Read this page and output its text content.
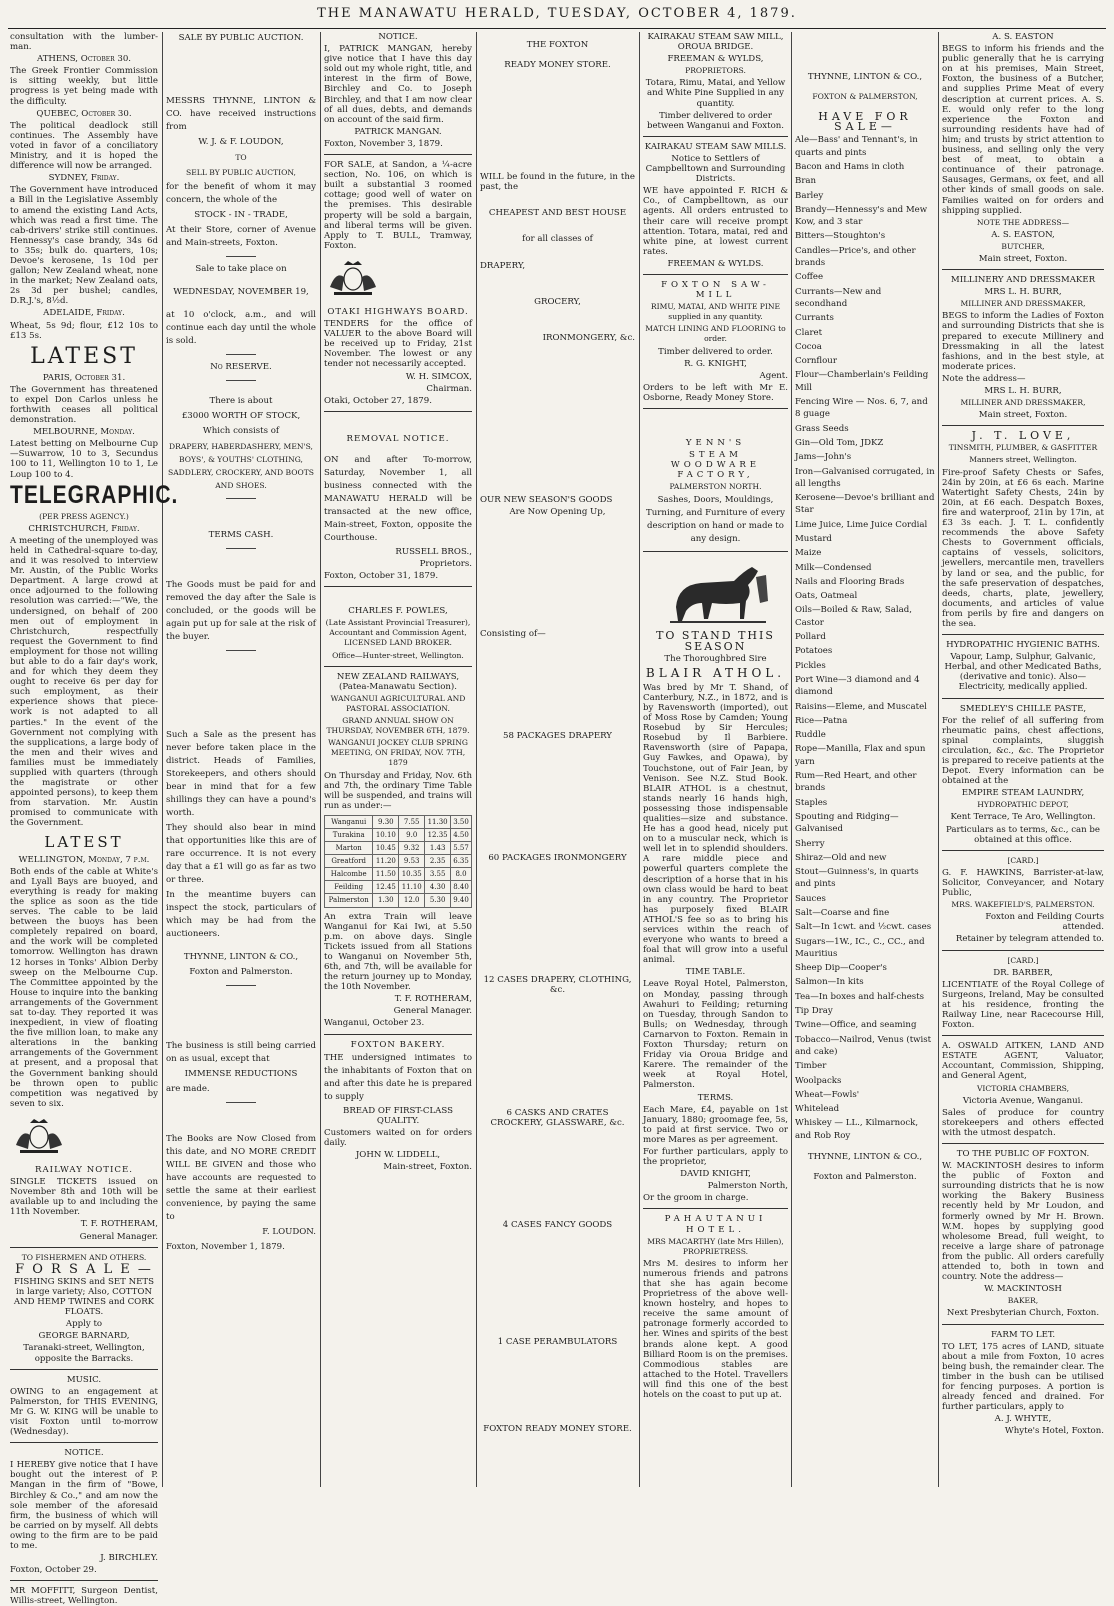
THE MANAWATU HERALD, TUESDAY, OCTOBER 4, 1879.

consultation with the lumber-man.

ATHENS, October 30.

The Greek Frontier Commission is sitting weekly, but little progress is yet being made with the difficulty.

QUEBEC, October 30.

The political deadlock still continues. The Assembly have voted in favor of a conciliatory Ministry, and it is hoped the difference will now be arranged.

SYDNEY, Friday.

The Government have introduced a Bill in the Legislative Assembly to amend the existing Land Acts, which was read a first time. The cab-drivers' strike still continues. Hennessy's case brandy, 34s 6d to 35s; bulk do. quarters, 10s; Devoe's kerosene, 1s 10d per gallon; New Zealand wheat, none in the market; New Zealand oats, 2s 3d per bushel; candles, D.R.J.'s, 8½d.

ADELAIDE, Friday.

Wheat, 5s 9d; flour, £12 10s to £13 5s.

LATEST

PARIS, October 31.

The Government has threatened to expel Don Carlos unless he forthwith ceases all political demonstration.

MELBOURNE, Monday.

Latest betting on Melbourne Cup—Suwarrow, 10 to 3, Secundus 100 to 11, Wellington 10 to 1, Le Loup 100 to 4.

TELEGRAPHIC.

(PER PRESS AGENCY.)

CHRISTCHURCH, Friday.

A meeting of the unemployed was held in Cathedral-square to-day, and it was resolved to interview Mr. Austin, of the Public Works Department. A large crowd at once adjourned to the following resolution was carried:—"We, the undersigned, on behalf of 200 men out of employment in Christchurch, respectfully request the Government to find employment for those not willing but able to do a fair day's work, and for which they deem they ought to receive 6s per day for such employment, as their experience shows that piece-work is not adapted to all parties." In the event of the Government not complying with the supplications, a large body of the men and their wives and families must be immediately supplied with quarters (through the magistrate or other appointed persons), to keep them from starvation. Mr. Austin promised to communicate with the Government.

LATEST

WELLINGTON, Monday, 7 p.m.

Both ends of the cable at White's and Lyall Bays are buoyed, and everything is ready for making the splice as soon as the tide serves. The cable to be laid between the buoys has been completely repaired on board, and the work will be completed tomorrow. Wellington has drawn 12 horses in Tonks' Albion Derby sweep on the Melbourne Cup. The Committee appointed by the House to inquire into the banking arrangements of the Government sat to-day. They reported it was inexpedient, in view of floating the five million loan, to make any alterations in the banking arrangements of the Government at present, and a proposal that the Government banking should be thrown open to public competition was negatived by seven to six.

RAILWAY NOTICE.

SINGLE TICKETS issued on November 8th and 10th will be available up to and including the 11th November.

T. F. ROTHERAM,

General Manager.

TO FISHERMEN AND OTHERS.

F O R S A L E —

FISHING SKINS and SET NETS in large variety; Also, COTTON AND HEMP TWINES and CORK FLOATS.

Apply to

GEORGE BARNARD,

Taranaki-street, Wellington, opposite the Barracks.

MUSIC.

OWING to an engagement at Palmerston, for THIS EVENING, Mr G. W. KING will be unable to visit Foxton until to-morrow (Wednesday).

NOTICE.

I HEREBY give notice that I have bought out the interest of P. Mangan in the firm of "Bowe, Birchley & Co.," and am now the sole member of the aforesaid firm, the business of which will be carried on by myself. All debts owing to the firm are to be paid to me.

J. BIRCHLEY.

Foxton, October 29.

MR MOFFITT, Surgeon Dentist, Willis-street, Wellington.

SALE BY PUBLIC AUCTION.

MESSRS THYNNE, LINTON & CO. have received instructions from

W. J. & F. LOUDON,

TO

SELL BY PUBLIC AUCTION,

for the benefit of whom it may concern, the whole of the

STOCK - IN - TRADE,

At their Store, corner of Avenue and Main-streets, Foxton.

Sale to take place on

WEDNESDAY, NOVEMBER 19,

at 10 o'clock, a.m., and will continue each day until the whole is sold.

No RESERVE.

There is about

£3000 WORTH OF STOCK,

Which consists of

DRAPERY, HABERDASHERY, MEN'S, BOYS', & YOUTHS' CLOTHING, SADDLERY, CROCKERY, AND BOOTS AND SHOES.

TERMS CASH.

The Goods must be paid for and removed the day after the Sale is concluded, or the goods will be again put up for sale at the risk of the buyer.

Such a Sale as the present has never before taken place in the district. Heads of Families, Storekeepers, and others should bear in mind that for a few shillings they can have a pound's worth.

They should also bear in mind that opportunities like this are of rare occurrence. It is not every day that a £1 will go as far as two or three.

In the meantime buyers can inspect the stock, particulars of which may be had from the auctioneers.

THYNNE, LINTON & CO.,

Foxton and Palmerston.

The business is still being carried on as usual, except that

IMMENSE REDUCTIONS

are made.

The Books are Now Closed from this date, and NO MORE CREDIT WILL BE GIVEN and those who have accounts are requested to settle the same at their earliest convenience, by paying the same to

F. LOUDON.

Foxton, November 1, 1879.

NOTICE.

I, PATRICK MANGAN, hereby give notice that I have this day sold out my whole right, title, and interest in the firm of Bowe, Birchley and Co. to Joseph Birchley, and that I am now clear of all dues, debts, and demands on account of the said firm.

PATRICK MANGAN.

Foxton, November 3, 1879.

FOR SALE, at Sandon, a ¼-acre section, No. 106, on which is built a substantial 3 roomed cottage; good well of water on the premises. This desirable property will be sold a bargain, and liberal terms will be given. Apply to T. BULL, Tramway, Foxton.

OTAKI HIGHWAYS BOARD.

TENDERS for the office of VALUER to the above Board will be received up to Friday, 21st November. The lowest or any tender not necessarily accepted.

W. H. SIMCOX,

Chairman.

Otaki, October 27, 1879.

REMOVAL NOTICE.

ON and after To-morrow, Saturday, November 1, all business connected with the MANAWATU HERALD will be transacted at the new office, Main-street, Foxton, opposite the Courthouse.

RUSSELL BROS.,

Proprietors.

Foxton, October 31, 1879.

CHARLES F. POWLES,

(Late Assistant Provincial Treasurer), Accountant and Commission Agent, LICENSED LAND BROKER.

Office—Hunter-street, Wellington.

NEW ZEALAND RAILWAYS, (Patea-Manawatu Section).

WANGANUI AGRICULTURAL AND PASTORAL ASSOCIATION.

GRAND ANNUAL SHOW ON THURSDAY, NOVEMBER 6TH, 1879.

WANGANUI JOCKEY CLUB SPRING MEETING, ON FRIDAY, NOV. 7TH, 1879

On Thursday and Friday, Nov. 6th and 7th, the ordinary Time Table will be suspended, and trains will run as under:—

Wanganui	9.30	7.55	11.30	3.50
Turakina	10.10	9.0	12.35	4.50
Marton	10.45	9.32	1.43	5.57
Greatford	11.20	9.53	2.35	6.35
Halcombe	11.50	10.35	3.55	8.0
Feilding	12.45	11.10	4.30	8.40
Palmerston	1.30	12.0	5.30	9.40

An extra Train will leave Wanganui for Kai Iwi, at 5.50 p.m. on above days. Single Tickets issued from all Stations to Wanganui on November 5th, 6th, and 7th, will be available for the return journey up to Monday, the 10th November.

T. F. ROTHERAM,

General Manager.

Wanganui, October 23.

FOXTON BAKERY.

THE undersigned intimates to the inhabitants of Foxton that on and after this date he is prepared to supply

BREAD OF FIRST-CLASS QUALITY.

Customers waited on for orders daily.

JOHN W. LIDDELL,

Main-street, Foxton.

THE FOXTON

READY MONEY STORE.

WILL be found in the future, in the past, the

CHEAPEST AND BEST HOUSE

for all classes of

DRAPERY,

GROCERY,

IRONMONGERY, &c.

OUR NEW SEASON'S GOODS

Are Now Opening Up,

Consisting of—

58 PACKAGES DRAPERY

60 PACKAGES IRONMONGERY

12 CASES DRAPERY, CLOTHING, &c.

6 CASKS AND CRATES CROCKERY, GLASSWARE, &c.

4 CASES FANCY GOODS

1 CASE PERAMBULATORS

FOXTON READY MONEY STORE.

KAIRAKAU STEAM SAW MILL, OROUA BRIDGE.

FREEMAN & WYLDS,

PROPRIETORS.

Totara, Rimu, Matai, and Yellow and White Pine Supplied in any quantity.

Timber delivered to order between Wanganui and Foxton.

KAIRAKAU STEAM SAW MILLS.

Notice to Settlers of Campbelltown and Surrounding Districts.

WE have appointed F. RICH & Co., of Campbelltown, as our agents. All orders entrusted to their care will receive prompt attention. Totara, matai, red and white pine, at lowest current rates.

FREEMAN & WYLDS.

FOXTON SAW-MILL

RIMU, MATAI, AND WHITE PINE supplied in any quantity.

MATCH LINING AND FLOORING to order.

Timber delivered to order.

R. G. KNIGHT,

Agent.

Orders to be left with Mr E. Osborne, Ready Money Store.

YENN'S

STEAM WOODWARE FACTORY,

PALMERSTON NORTH.

Sashes, Doors, Mouldings, Turning, and Furniture of every description on hand or made to any design.

TO STAND THIS SEASON

The Thoroughbred Sire

BLAIR ATHOL.

Was bred by Mr T. Shand, of Canterbury, N.Z., in 1872, and is by Ravensworth (imported), out of Moss Rose by Camden; Young Rosebud by Sir Hercules; Rosebud by Il Barbiere. Ravensworth (sire of Papapa, Guy Fawkes, and Opawa), by Touchstone, out of Fair Jean, by Venison. See N.Z. Stud Book. BLAIR ATHOL is a chestnut, stands nearly 16 hands high, possessing those indispensable qualities—size and substance. He has a good head, nicely put on to a muscular neck, which is well let in to splendid shoulders. A rare middle piece and powerful quarters complete the description of a horse that in his own class would be hard to beat in any country. The Proprietor has purposely fixed BLAIR ATHOL'S fee so as to bring his services within the reach of everyone who wants to breed a foal that will grow into a useful animal.

TIME TABLE.

Leave Royal Hotel, Palmerston, on Monday, passing through Awahuri to Feilding; returning on Tuesday, through Sandon to Bulls; on Wednesday, through Carnarvon to Foxton. Remain in Foxton Thursday; return on Friday via Oroua Bridge and Karere. The remainder of the week at Royal Hotel, Palmerston.

TERMS.

Each Mare, £4, payable on 1st January, 1880; groomage fee, 5s, to paid at first service. Two or more Mares as per agreement.

For further particulars, apply to the proprietor,

DAVID KNIGHT,

Palmerston North,

Or the groom in charge.

PAHAUTANUI HOTEL.

MRS MACARTHY (late Mrs Hillen), PROPRIETRESS.

Mrs M. desires to inform her numerous friends and patrons that she has again become Proprietress of the above well-known hostelry, and hopes to receive the same amount of patronage formerly accorded to her. Wines and spirits of the best brands alone kept. A good Billiard Room is on the premises. Commodious stables are attached to the Hotel. Travellers will find this one of the best hotels on the coast to put up at.

THYNNE, LINTON & CO.,

FOXTON & PALMERSTON,

HAVE FOR SALE—

Ale—Bass' and Tennant's, in quarts and pints

Bacon and Hams in cloth

Bran

Barley

Brandy—Hennessy's and Mew Kow, and 3 star

Bitters—Stoughton's

Candles—Price's, and other brands

Coffee

Currants—New and secondhand

Currants

Claret

Cocoa

Cornflour

Flour—Chamberlain's Feilding Mill

Fencing Wire — Nos. 6, 7, and 8 guage

Grass Seeds

Gin—Old Tom, JDKZ

Jams—John's

Iron—Galvanised corrugated, in all lengths

Kerosene—Devoe's brilliant and Star

Lime Juice, Lime Juice Cordial

Mustard

Maize

Milk—Condensed

Nails and Flooring Brads

Oats, Oatmeal

Oils—Boiled & Raw, Salad, Castor

Pollard

Potatoes

Pickles

Port Wine—3 diamond and 4 diamond

Raisins—Eleme, and Muscatel

Rice—Patna

Ruddle

Rope—Manilla, Flax and spun yarn

Rum—Red Heart, and other brands

Staples

Spouting and Ridging—Galvanised

Sherry

Shiraz—Old and new

Stout—Guinness's, in quarts and pints

Sauces

Salt—Coarse and fine

Salt—In 1cwt. and ½cwt. cases

Sugars—1W., IC., C., CC., and Mauritius

Sheep Dip—Cooper's

Salmon—In kits

Tea—In boxes and half-chests

Tip Dray

Twine—Office, and seaming

Tobacco—Nailrod, Venus (twist and cake)

Timber

Woolpacks

Wheat—Fowls'

Whitelead

Whiskey — LL., Kilmarnock, and Rob Roy

THYNNE, LINTON & CO.,

Foxton and Palmerston.

A. S. EASTON

BEGS to inform his friends and the public generally that he is carrying on at his premises, Main Street, Foxton, the business of a Butcher, and supplies Prime Meat of every description at current prices. A. S. E. would only refer to the long experience the Foxton and surrounding residents have had of him; and trusts by strict attention to business, and selling only the very best of meat, to obtain a continuance of their patronage. Sausages, Germans, ox feet, and all other kinds of small goods on sale. Families waited on for orders and shipping supplied.

NOTE THE ADDRESS—

A. S. EASTON,

BUTCHER,

Main street, Foxton.

MILLINERY AND DRESSMAKER

MRS L. H. BURR,

MILLINER AND DRESSMAKER,

BEGS to inform the Ladies of Foxton and surrounding Districts that she is prepared to execute Millinery and Dressmaking in all the latest fashions, and in the best style, at moderate prices.

Note the address—

MRS L. H. BURR,

MILLINER AND DRESSMAKER,

Main street, Foxton.

J. T. LOVE,

TINSMITH, PLUMBER, & GASFITTER

Manners street, Wellington.

Fire-proof Safety Chests or Safes, 24in by 20in, at £6 6s each. Marine Watertight Safety Chests, 24in by 20in, at £6 each. Despatch Boxes, fire and waterproof, 21in by 17in, at £3 3s each. J. T. L. confidently recommends the above Safety Chests to Government officials, captains of vessels, solicitors, jewellers, mercantile men, travellers by land or sea, and the public, for the safe preservation of despatches, deeds, charts, plate, jewellery, documents, and articles of value from perils by fire and dangers on the sea.

HYDROPATHIC HYGIENIC BATHS.

Vapour, Lamp, Sulphur, Galvanic, Herbal, and other Medicated Baths, (derivative and tonic). Also—Electricity, medically applied.

SMEDLEY'S CHILLE PASTE,

For the relief of all suffering from rheumatic pains, chest affections, spinal complaints, sluggish circulation, &c., &c. The Proprietor is prepared to receive patients at the Depot. Every information can be obtained at the

EMPIRE STEAM LAUNDRY,

HYDROPATHIC DEPOT,

Kent Terrace, Te Aro, Wellington.

Particulars as to terms, &c., can be obtained at this office.

[CARD.]

G. F. HAWKINS, Barrister-at-law, Solicitor, Conveyancer, and Notary Public,

MRS. WAKEFIELD'S, PALMERSTON.

Foxton and Feilding Courts attended.

Retainer by telegram attended to.

[CARD.]

DR. BARBER,

LICENTIATE of the Royal College of Surgeons, Ireland, May be consulted at his residence, fronting the Railway Line, near Racecourse Hill, Foxton.

A. OSWALD AITKEN, LAND AND ESTATE AGENT, Valuator, Accountant, Commission, Shipping, and General Agent,

VICTORIA CHAMBERS,

Victoria Avenue, Wanganui.

Sales of produce for country storekeepers and others effected with the utmost despatch.

TO THE PUBLIC OF FOXTON.

W. MACKINTOSH desires to inform the public of Foxton and surrounding districts that he is now working the Bakery Business recently held by Mr Loudon, and formerly owned by Mr H. Brown. W.M. hopes by supplying good wholesome Bread, full weight, to receive a large share of patronage from the public. All orders carefully attended to, both in town and country. Note the address—

W. MACKINTOSH

BAKER,

Next Presbyterian Church, Foxton.

FARM TO LET.

TO LET, 175 acres of LAND, situate about a mile from Foxton, 10 acres being bush, the remainder clear. The timber in the bush can be utilised for fencing purposes. A portion is already fenced and drained. For further particulars, apply to

A. J. WHYTE,

Whyte's Hotel, Foxton.
